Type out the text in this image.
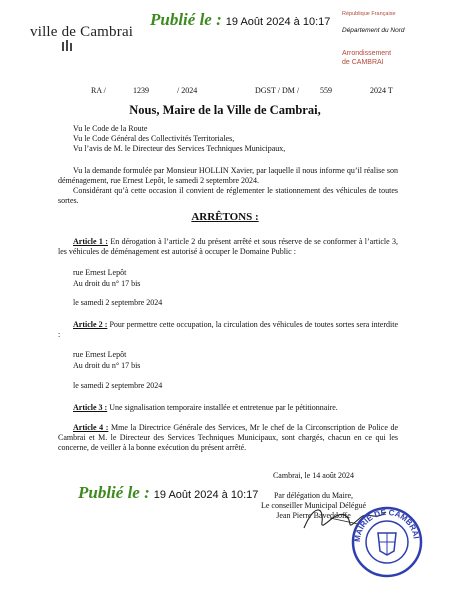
ville de Cambrai
Publié le : 19 Août 2024 à 10:17
République Française
Département du Nord
Arrondissement
de CAMBRAI
RA /	1239	/ 2024	DGST / DM /	559	2024 T
Nous, Maire de la Ville de Cambrai,

Vu le Code de la Route

Vu le Code Général des Collectivités Territoriales,

Vu l’avis de M. le Directeur des Services Techniques Municipaux,

Vu la demande formulée par Monsieur HOLLIN Xavier, par laquelle il nous informe qu’il réalise son déménagement, rue Ernest Lepôt, le samedi 2 septembre 2024.

Considérant qu’à cette occasion il convient de réglementer le stationnement des véhicules de toutes sortes.

ARRÊTONS :

Article 1 : En dérogation à l’article 2 du présent arrêté et sous réserve de se conformer à l’article 3, les véhicules de déménagement est autorisé à occuper le Domaine Public :

rue Ernest Lepôt

Au droit du n° 17 bis

le samedi 2 septembre 2024

Article 2 : Pour permettre cette occupation, la circulation des véhicules de toutes sortes sera interdite :

rue Ernest Lepôt

Au droit du n° 17 bis

le samedi 2 septembre 2024

Article 3 : Une signalisation temporaire installée et entretenue par le pétitionnaire.

Article 4 : Mme la Directrice Générale des Services, Mr le chef de la Circonscription de Police de Cambrai et M. le Directeur des Services Techniques Municipaux, sont chargés, chacun en ce qui les concerne, de veiller à la bonne exécution du présent arrêté.

Publié le : 19 Août 2024 à 10:17
Cambrai, le 14 août 2024
Par délégation du Maire,
Le conseiller Municipal Délégué
Jean Pierre Baveddoffe
MAIRIE DE CAMBRAI
